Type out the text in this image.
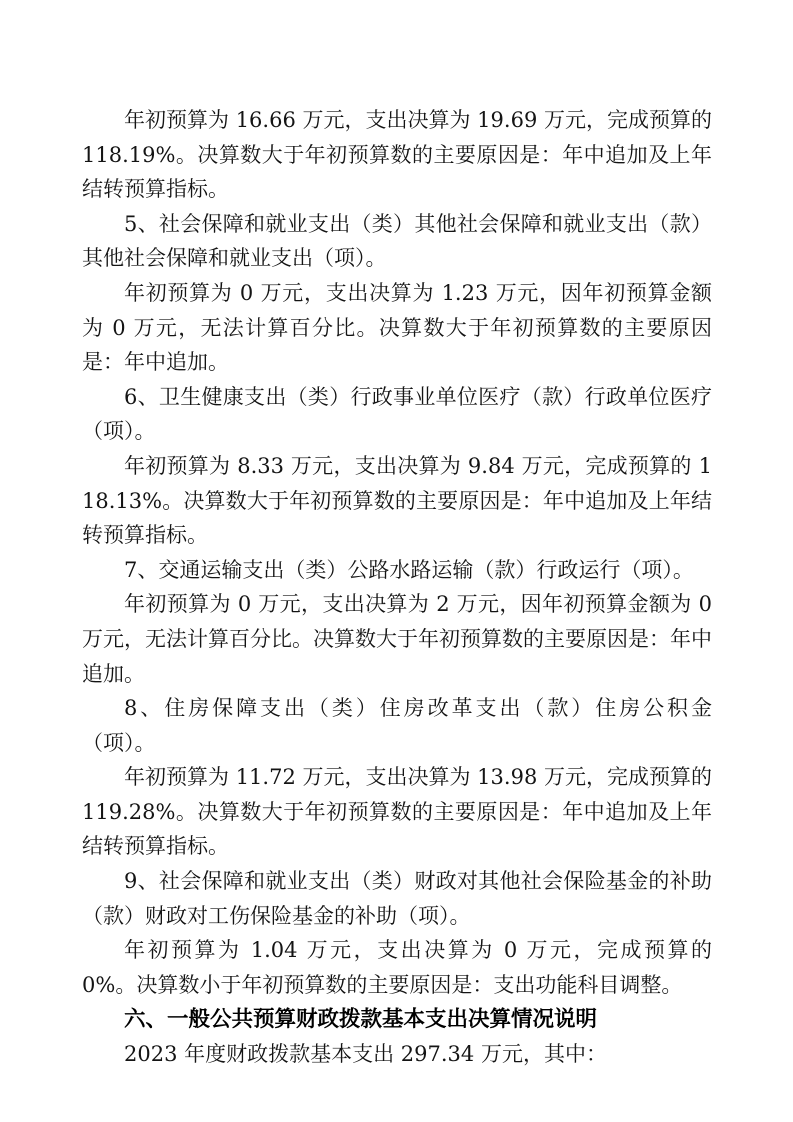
年初预算为 16.66 万元，支出决算为 19.69 万元，完成预算的 118.19%。决算数大于年初预算数的主要原因是：年中追加及上年结转预算指标。

5、社会保障和就业支出（类）其他社会保障和就业支出（款）其他社会保障和就业支出（项）。

年初预算为 0 万元，支出决算为 1.23 万元，因年初预算金额为 0 万元，无法计算百分比。决算数大于年初预算数的主要原因是：年中追加。

6、卫生健康支出（类）行政事业单位医疗（款）行政单位医疗（项）。

年初预算为 8.33 万元，支出决算为 9.84 万元，完成预算的 118.13%。决算数大于年初预算数的主要原因是：年中追加及上年结转预算指标。

7、交通运输支出（类）公路水路运输（款）行政运行（项）。

年初预算为 0 万元，支出决算为 2 万元，因年初预算金额为 0 万元，无法计算百分比。决算数大于年初预算数的主要原因是：年中追加。

8、住房保障支出（类）住房改革支出（款）住房公积金（项）。

年初预算为 11.72 万元，支出决算为 13.98 万元，完成预算的 119.28%。决算数大于年初预算数的主要原因是：年中追加及上年结转预算指标。

9、社会保障和就业支出（类）财政对其他社会保险基金的补助（款）财政对工伤保险基金的补助（项）。

年初预算为 1.04 万元，支出决算为 0 万元，完成预算的 0%。决算数小于年初预算数的主要原因是：支出功能科目调整。

六、一般公共预算财政拨款基本支出决算情况说明

2023 年度财政拨款基本支出 297.34 万元，其中：
